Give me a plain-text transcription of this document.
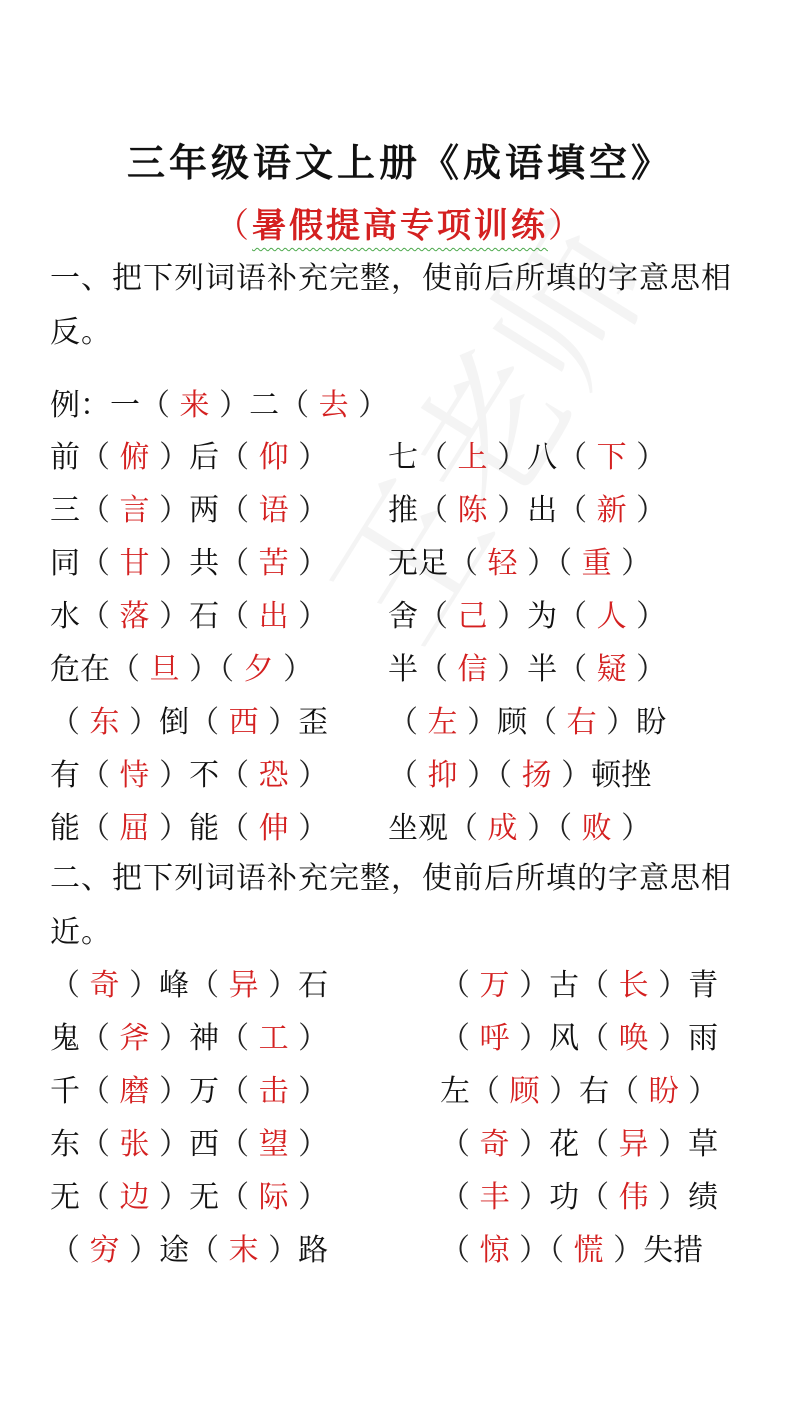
三年级语文上册《成语填空》
（暑假提高专项训练）
一、把下列词语补充完整，使前后所填的字意思相反。
例：一（ 来 ）二（ 去 ）
前（ 俯 ）后（ 仰 ） 七（ 上 ）八（ 下 ）
三（ 言 ）两（ 语 ） 推（ 陈 ）出（ 新 ）
同（ 甘 ）共（ 苦 ） 无足（ 轻 ）（ 重 ）
水（ 落 ）石（ 出 ） 舍（ 己 ）为（ 人 ）
危在（ 旦 ）（ 夕 ） 半（ 信 ）半（ 疑 ）
（ 东 ）倒（ 西 ）歪 （ 左 ）顾（ 右 ）盼
有（ 恃 ）不（ 恐 ） （ 抑 ）（ 扬 ）顿挫
能（ 屈 ）能（ 伸 ） 坐观（ 成 ）（ 败 ）
二、把下列词语补充完整，使前后所填的字意思相近。
（ 奇 ）峰（ 异 ）石	（ 万 ）古（ 长 ）青
鬼（ 斧 ）神（ 工 ）	（ 呼 ）风（ 唤 ）雨
千（ 磨 ）万（ 击 ）	左（ 顾 ）右（ 盼 ）
东（ 张 ）西（ 望 ）	（ 奇 ）花（ 异 ）草
无（ 边 ）无（ 际 ）	（ 丰 ）功（ 伟 ）绩
（ 穷 ）途（ 末 ）路	（ 惊 ）（ 慌 ）失措
